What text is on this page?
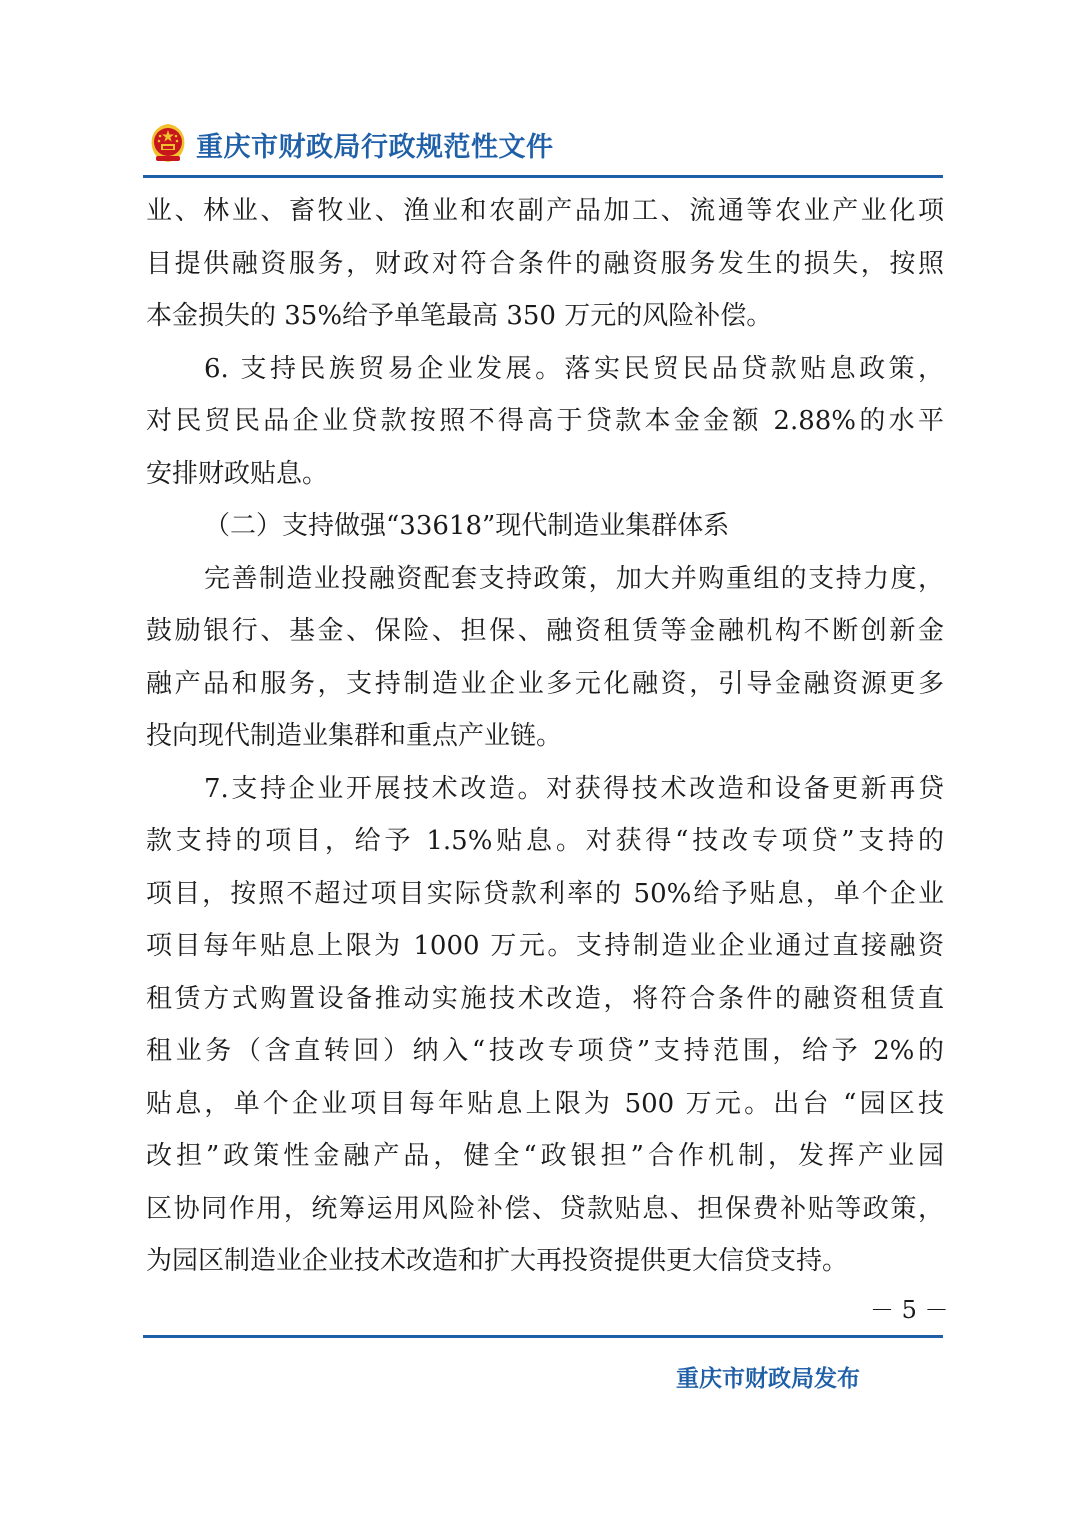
重庆市财政局行政规范性文件
业、林业、畜牧业、渔业和农副产品加工、流通等农业产业化项
目提供融资服务，财政对符合条件的融资服务发生的损失，按照
本金损失的 35%给予单笔最高 350 万元的风险补偿。
6. 支持民族贸易企业发展。落实民贸民品贷款贴息政策，
对民贸民品企业贷款按照不得高于贷款本金金额 2.88%的水平
安排财政贴息。
（二）支持做强“33618”现代制造业集群体系
完善制造业投融资配套支持政策，加大并购重组的支持力度，
鼓励银行、基金、保险、担保、融资租赁等金融机构不断创新金
融产品和服务，支持制造业企业多元化融资，引导金融资源更多
投向现代制造业集群和重点产业链。
7.支持企业开展技术改造。对获得技术改造和设备更新再贷
款支持的项目，给予 1.5%贴息。对获得“技改专项贷”支持的
项目，按照不超过项目实际贷款利率的 50%给予贴息，单个企业
项目每年贴息上限为 1000 万元。支持制造业企业通过直接融资
租赁方式购置设备推动实施技术改造，将符合条件的融资租赁直
租业务（含直转回）纳入“技改专项贷”支持范围，给予 2%的
贴息，单个企业项目每年贴息上限为 500 万元。出台 “园区技
改担”政策性金融产品，健全“政银担”合作机制，发挥产业园
区协同作用，统筹运用风险补偿、贷款贴息、担保费补贴等政策，
为园区制造业企业技术改造和扩大再投资提供更大信贷支持。
－ 5 －
重庆市财政局发布
